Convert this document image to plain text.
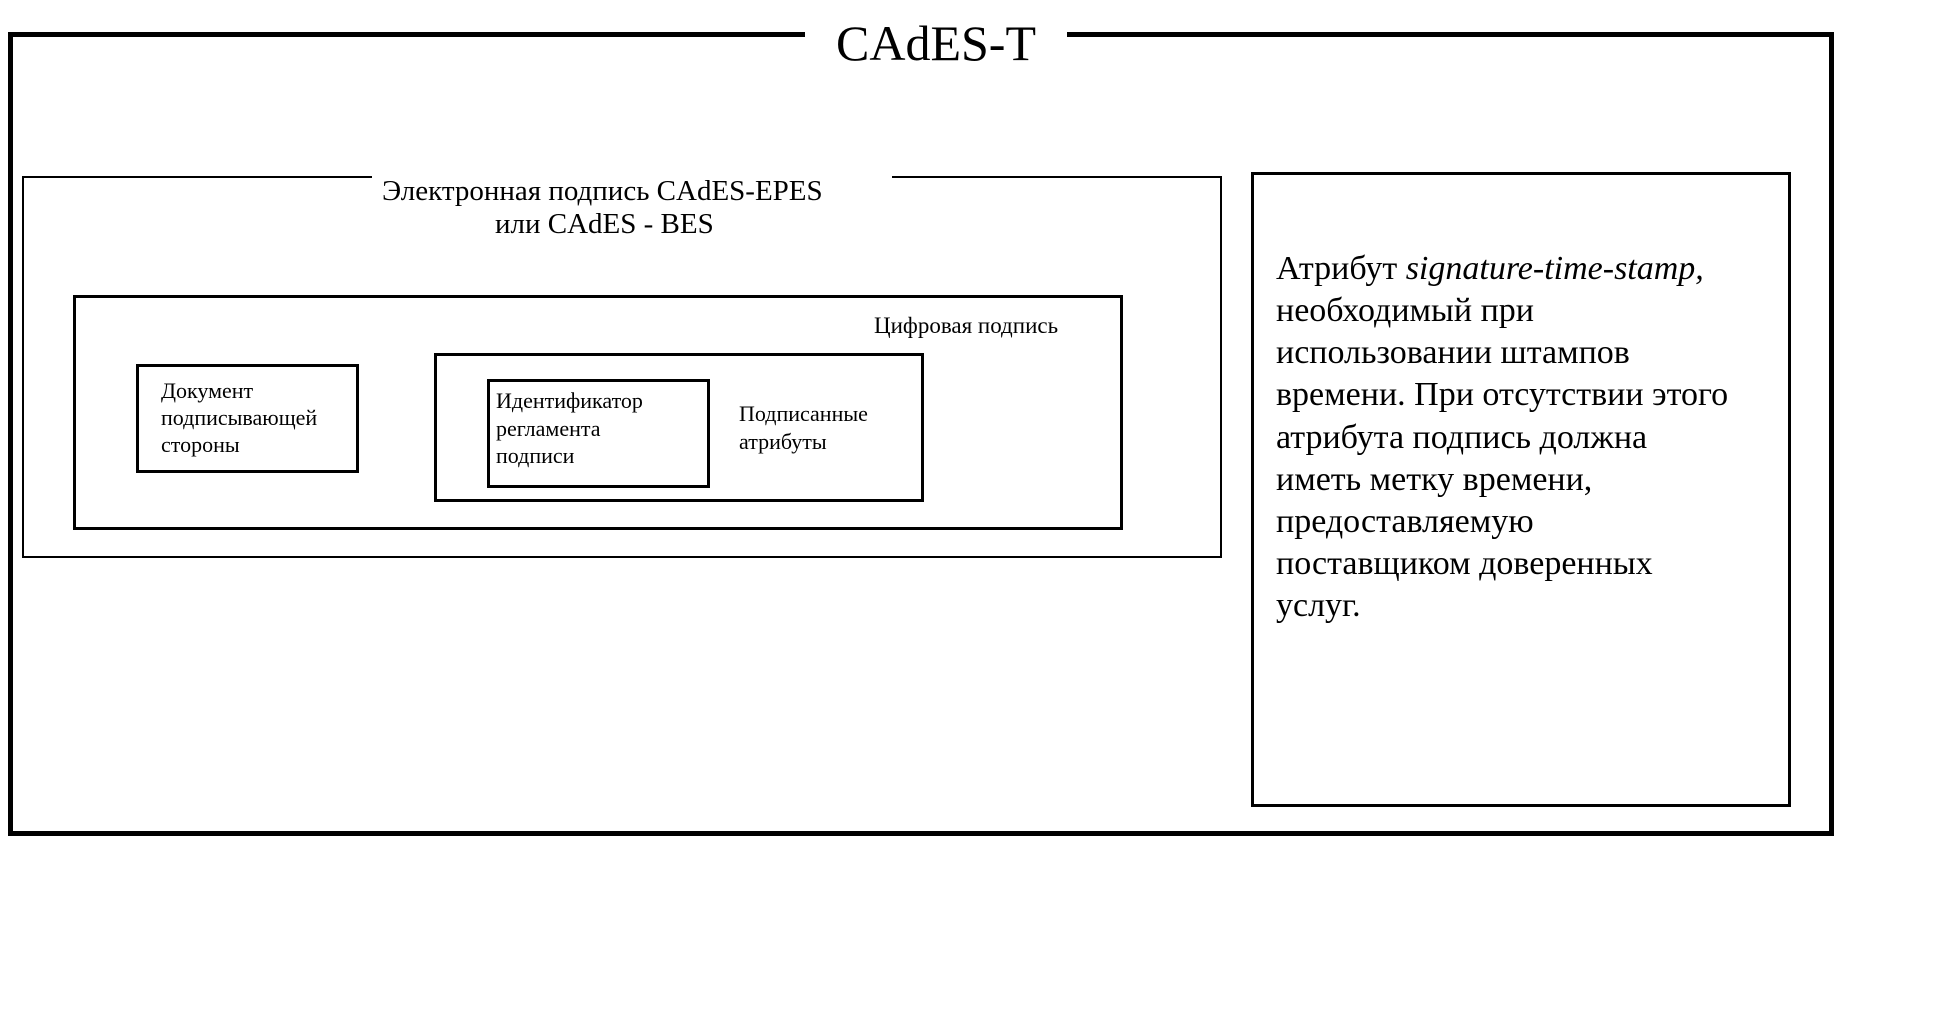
CAdES-T
Электронная подпись CAdES-EPES
или CAdES - BES
Цифровая подпись
Документ
подписывающей
стороны
Подписанные
атрибуты
Идентификатор
регламента
подписи
Атрибут signature-time-stamp,
необходимый при
использовании штампов
времени. При отсутствии этого
атрибута подпись должна
иметь метку времени,
предоставляемую
поставщиком доверенных
услуг.
